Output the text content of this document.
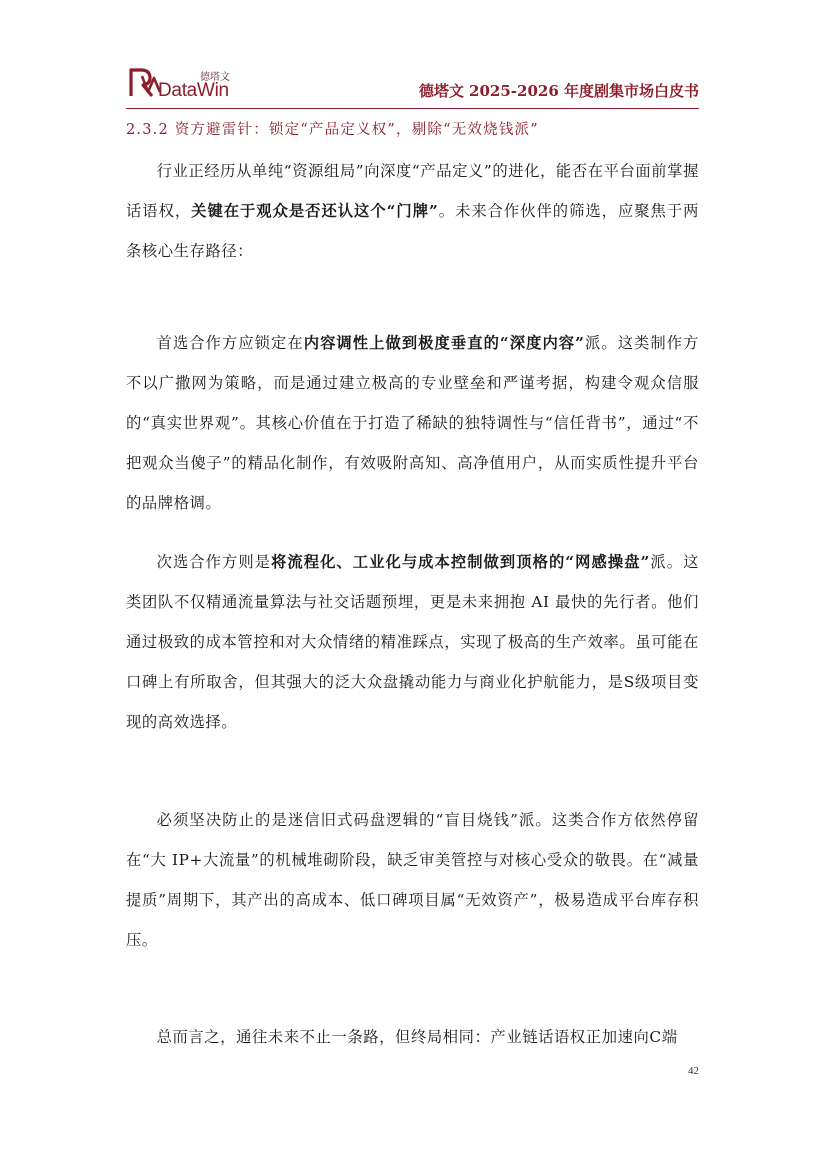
德塔文
DataWin	德塔文 2025-2026 年度剧集市场白皮书
2.3.2 资方避雷针：锁定“产品定义权”，剔除“无效烧钱派”

行业正经历从单纯“资源组局”向深度“产品定义”的进化，能否在平台面前掌握话语权，关键在于观众是否还认这个“门牌”。未来合作伙伴的筛选，应聚焦于两条核心生存路径：

首选合作方应锁定在内容调性上做到极度垂直的“深度内容”派。这类制作方不以广撒网为策略，而是通过建立极高的专业壁垒和严谨考据，构建令观众信服的“真实世界观”。其核心价值在于打造了稀缺的独特调性与“信任背书”，通过“不把观众当傻子”的精品化制作，有效吸附高知、高净值用户，从而实质性提升平台的品牌格调。

次选合作方则是将流程化、工业化与成本控制做到顶格的“网感操盘”派。这类团队不仅精通流量算法与社交话题预埋，更是未来拥抱 AI 最快的先行者。他们通过极致的成本管控和对大众情绪的精准踩点，实现了极高的生产效率。虽可能在口碑上有所取舍，但其强大的泛大众盘撬动能力与商业化护航能力，是S级项目变现的高效选择。

必须坚决防止的是迷信旧式码盘逻辑的“盲目烧钱”派。这类合作方依然停留在“大 IP+大流量”的机械堆砌阶段，缺乏审美管控与对核心受众的敬畏。在“减量提质”周期下，其产出的高成本、低口碑项目属“无效资产”，极易造成平台库存积压。

总而言之，通往未来不止一条路，但终局相同：产业链话语权正加速向C端

42
